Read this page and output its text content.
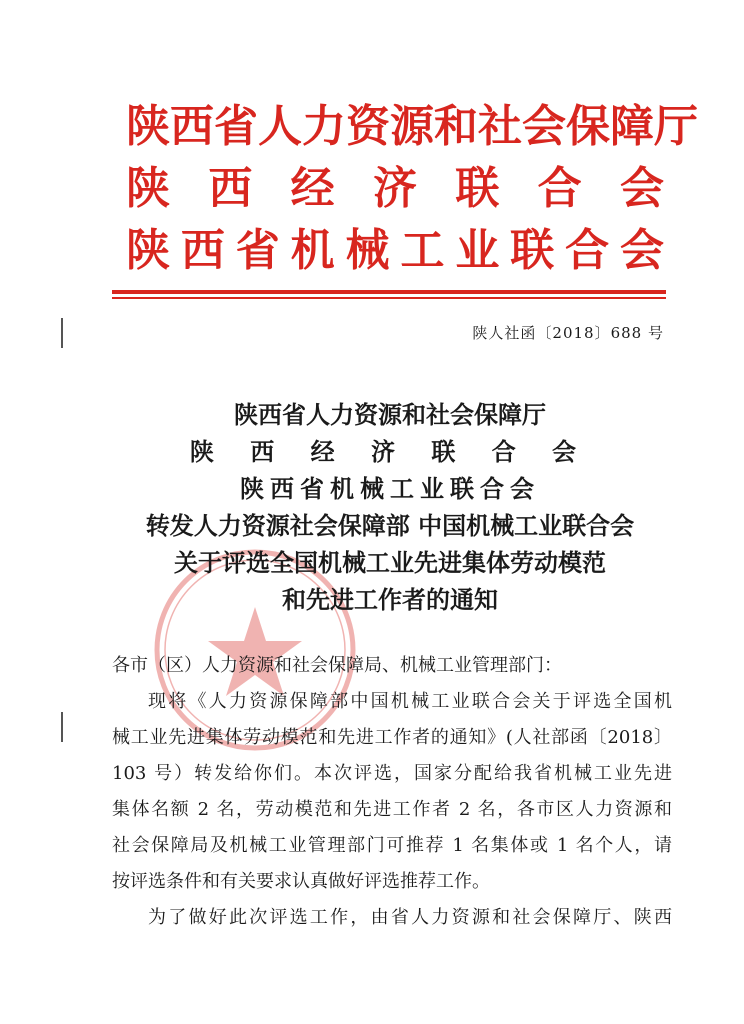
陕西省人力资源和社会保障厅
陕 西 经 济 联 合 会
陕西省机械工业联合会
陕人社函〔2018〕688 号
陕西省人力资源和社会保障厅
陕 西 经 济 联 合 会
陕西省机械工业联合会
转发人力资源社会保障部 中国机械工业联合会
关于评选全国机械工业先进集体劳动模范
和先进工作者的通知

各市（区）人力资源和社会保障局、机械工业管理部门：

现将《人力资源保障部中国机械工业联合会关于评选全国机

械工业先进集体劳动模范和先进工作者的通知》(人社部函〔2018〕

103 号）转发给你们。本次评选，国家分配给我省机械工业先进

集体名额 2 名，劳动模范和先进工作者 2 名，各市区人力资源和

社会保障局及机械工业管理部门可推荐 1 名集体或 1 名个人，请

按评选条件和有关要求认真做好评选推荐工作。

为了做好此次评选工作，由省人力资源和社会保障厅、陕西
